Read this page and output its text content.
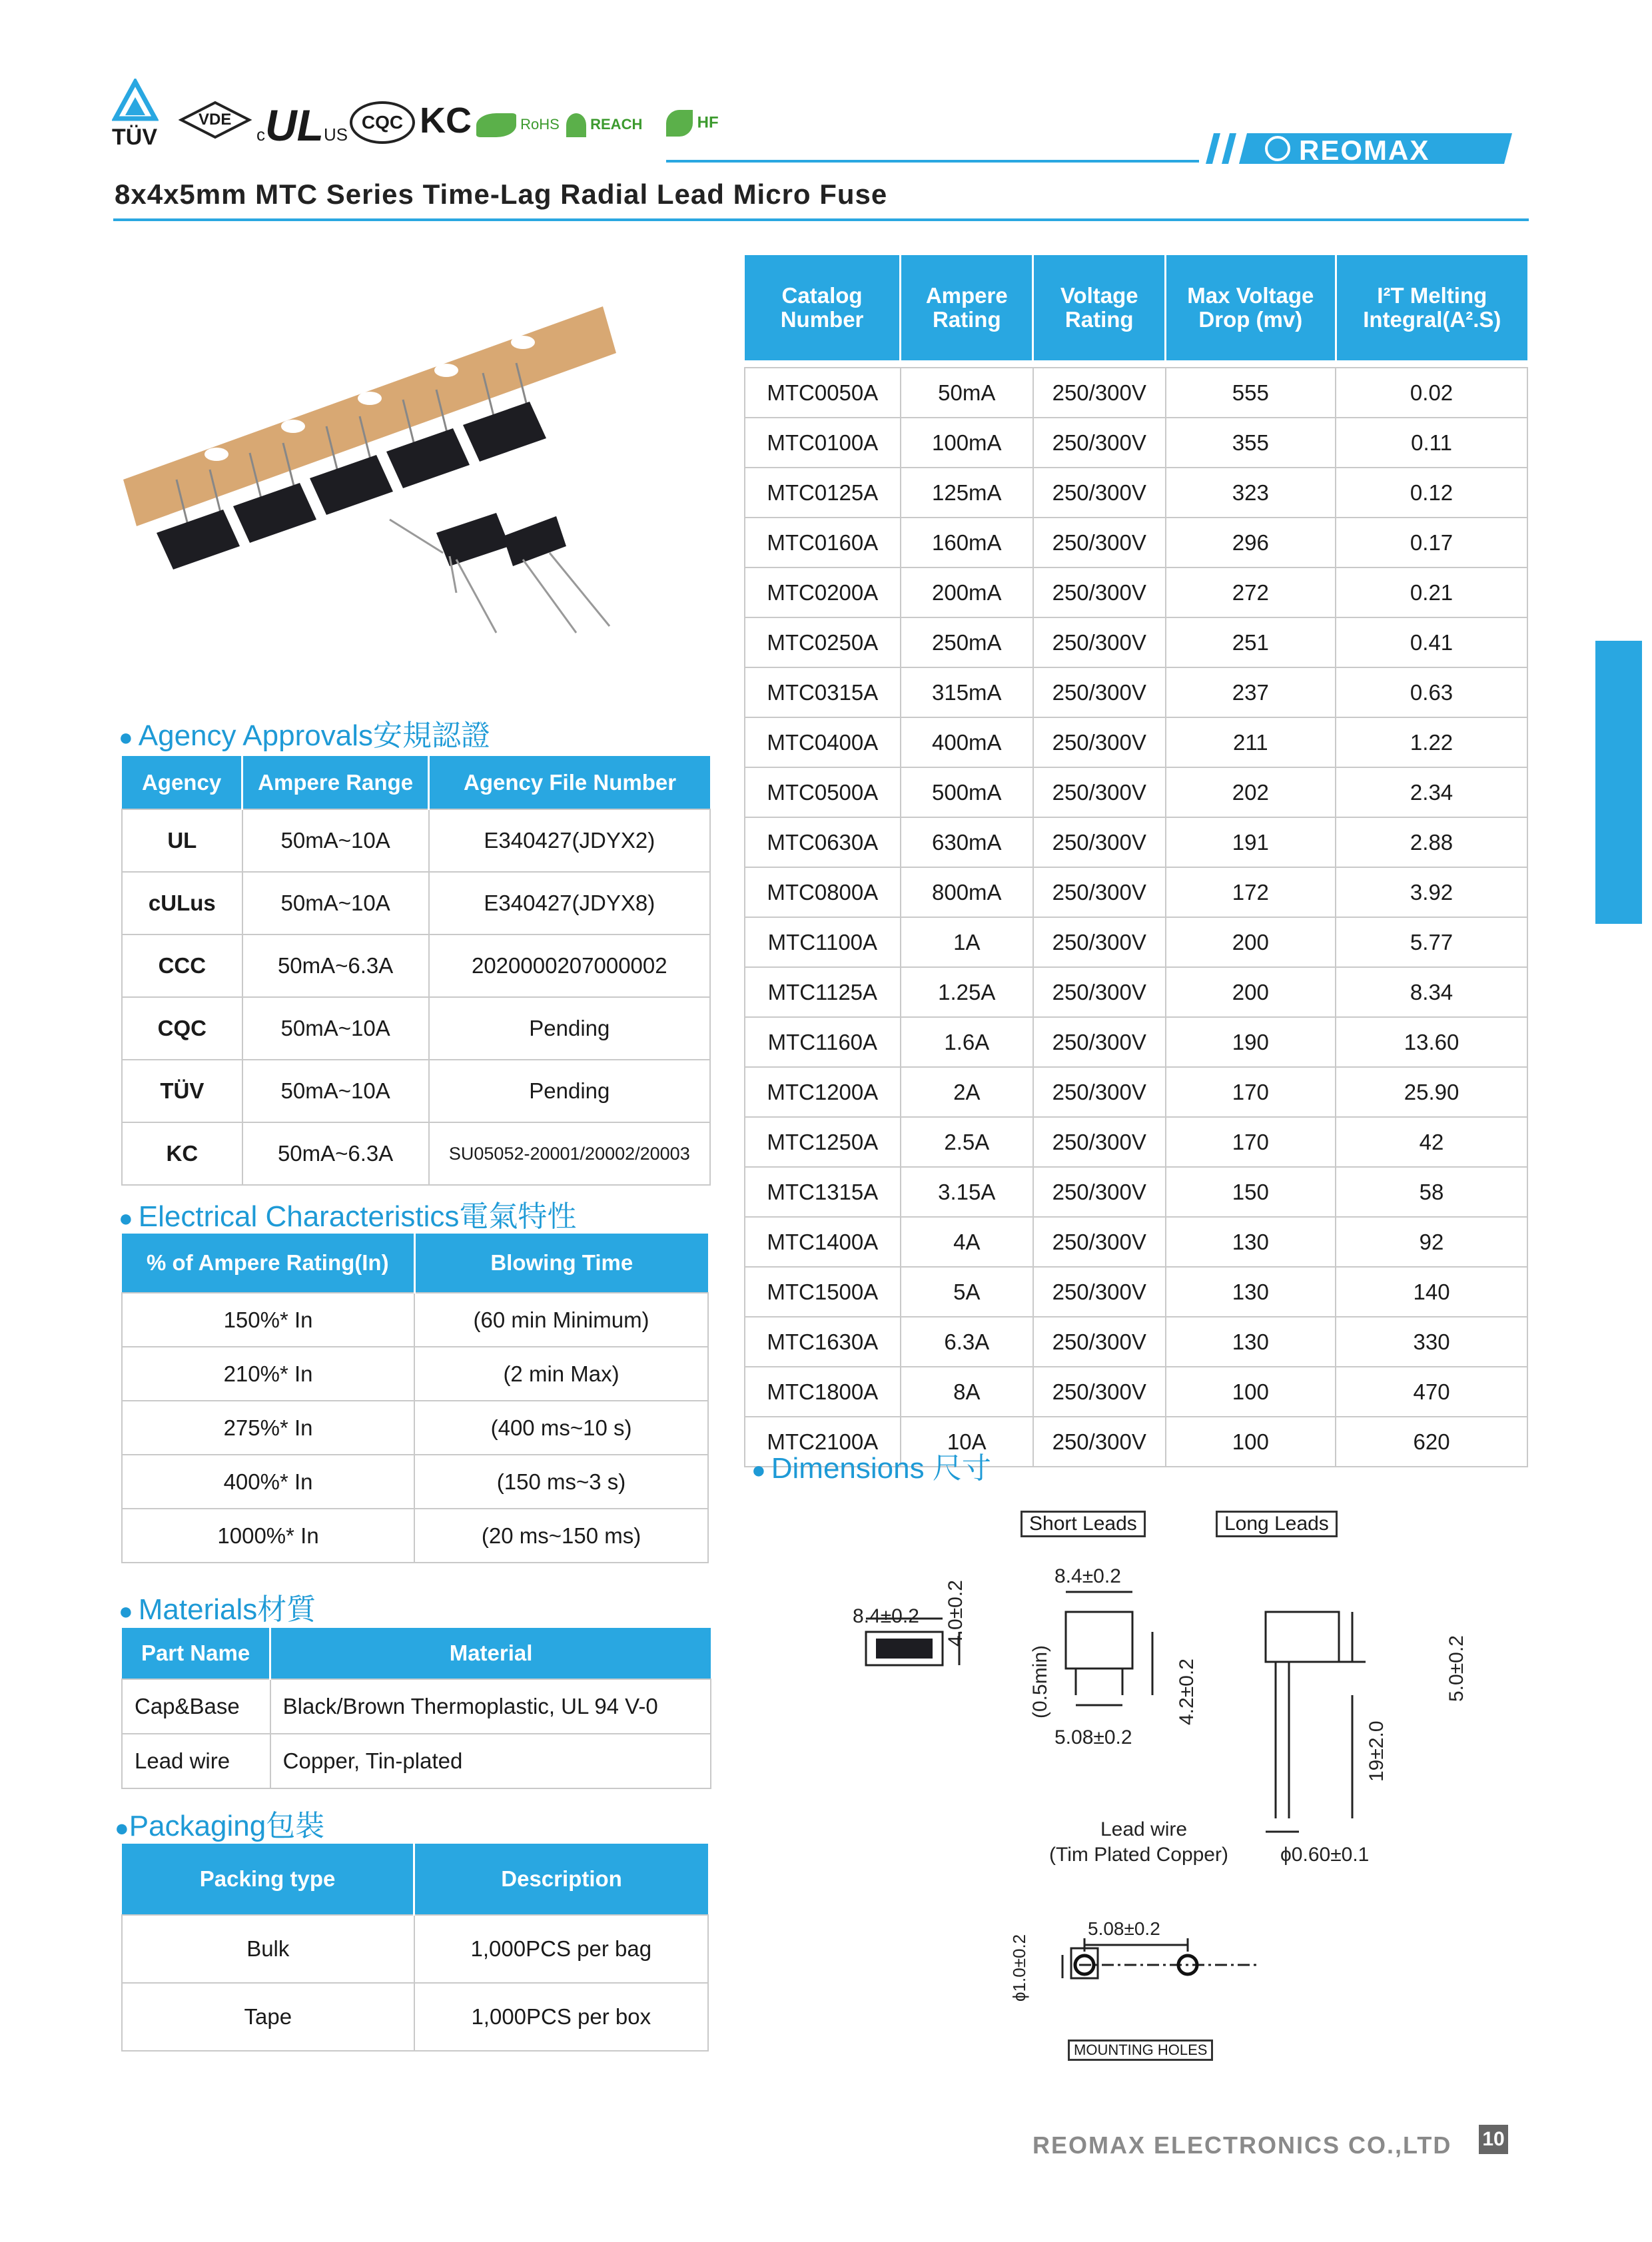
TÜV
VDE
cULUS
CQC KC	RoHS	REACH	HF
REOMAX
8x4x5mm MTC Series Time-Lag Radial Lead Micro Fuse
Catalog Number	Ampere Rating	Voltage Rating	Max Voltage Drop (mv)	I²T Melting Integral(A².S)

MTC0050A	50mA	250/300V	555	0.02
MTC0100A	100mA	250/300V	355	0.11
MTC0125A	125mA	250/300V	323	0.12
MTC0160A	160mA	250/300V	296	0.17
MTC0200A	200mA	250/300V	272	0.21
MTC0250A	250mA	250/300V	251	0.41
MTC0315A	315mA	250/300V	237	0.63
MTC0400A	400mA	250/300V	211	1.22
MTC0500A	500mA	250/300V	202	2.34
MTC0630A	630mA	250/300V	191	2.88
MTC0800A	800mA	250/300V	172	3.92
MTC1100A	1A	250/300V	200	5.77
MTC1125A	1.25A	250/300V	200	8.34
MTC1160A	1.6A	250/300V	190	13.60
MTC1200A	2A	250/300V	170	25.90
MTC1250A	2.5A	250/300V	170	42
MTC1315A	3.15A	250/300V	150	58
MTC1400A	4A	250/300V	130	92
MTC1500A	5A	250/300V	130	140
MTC1630A	6.3A	250/300V	130	330
MTC1800A	8A	250/300V	100	470
MTC2100A	10A	250/300V	100	620
● Agency Approvals安規認證
Agency	Ampere Range	Agency File Number
UL	50mA~10A	E340427(JDYX2)
cULus	50mA~10A	E340427(JDYX8)
CCC	50mA~6.3A	2020000207000002
CQC	50mA~10A	Pending
TÜV	50mA~10A	Pending
KC	50mA~6.3A	SU05052-20001/20002/20003
● Electrical Characteristics電氣特性
% of Ampere Rating(In)	Blowing Time
150%* In	(60 min Minimum)
210%* In	(2 min Max)
275%* In	(400 ms~10 s)
400%* In	(150 ms~3 s)
1000%* In	(20 ms~150 ms)
● Materials材質
Part Name	Material
Cap&Base	Black/Brown Thermoplastic, UL 94 V-0
Lead wire	Copper, Tin-plated
●Packaging包裝
Packing type	Description
Bulk	1,000PCS per bag
Tape	1,000PCS per box
● Dimensions 尺寸
Short Leads	Long Leads
8.4±0.2 4.0±0.2
8.4±0.2
(0.5min)	4.2±0.2
5.08±0.2
5.0±0.2
19±2.0
Lead wire
(Tim Plated Copper)	ϕ0.60±0.1
5.08±0.2
ϕ1.0±0.2
MOUNTING HOLES
REOMAX ELECTRONICS CO.,LTD 10
